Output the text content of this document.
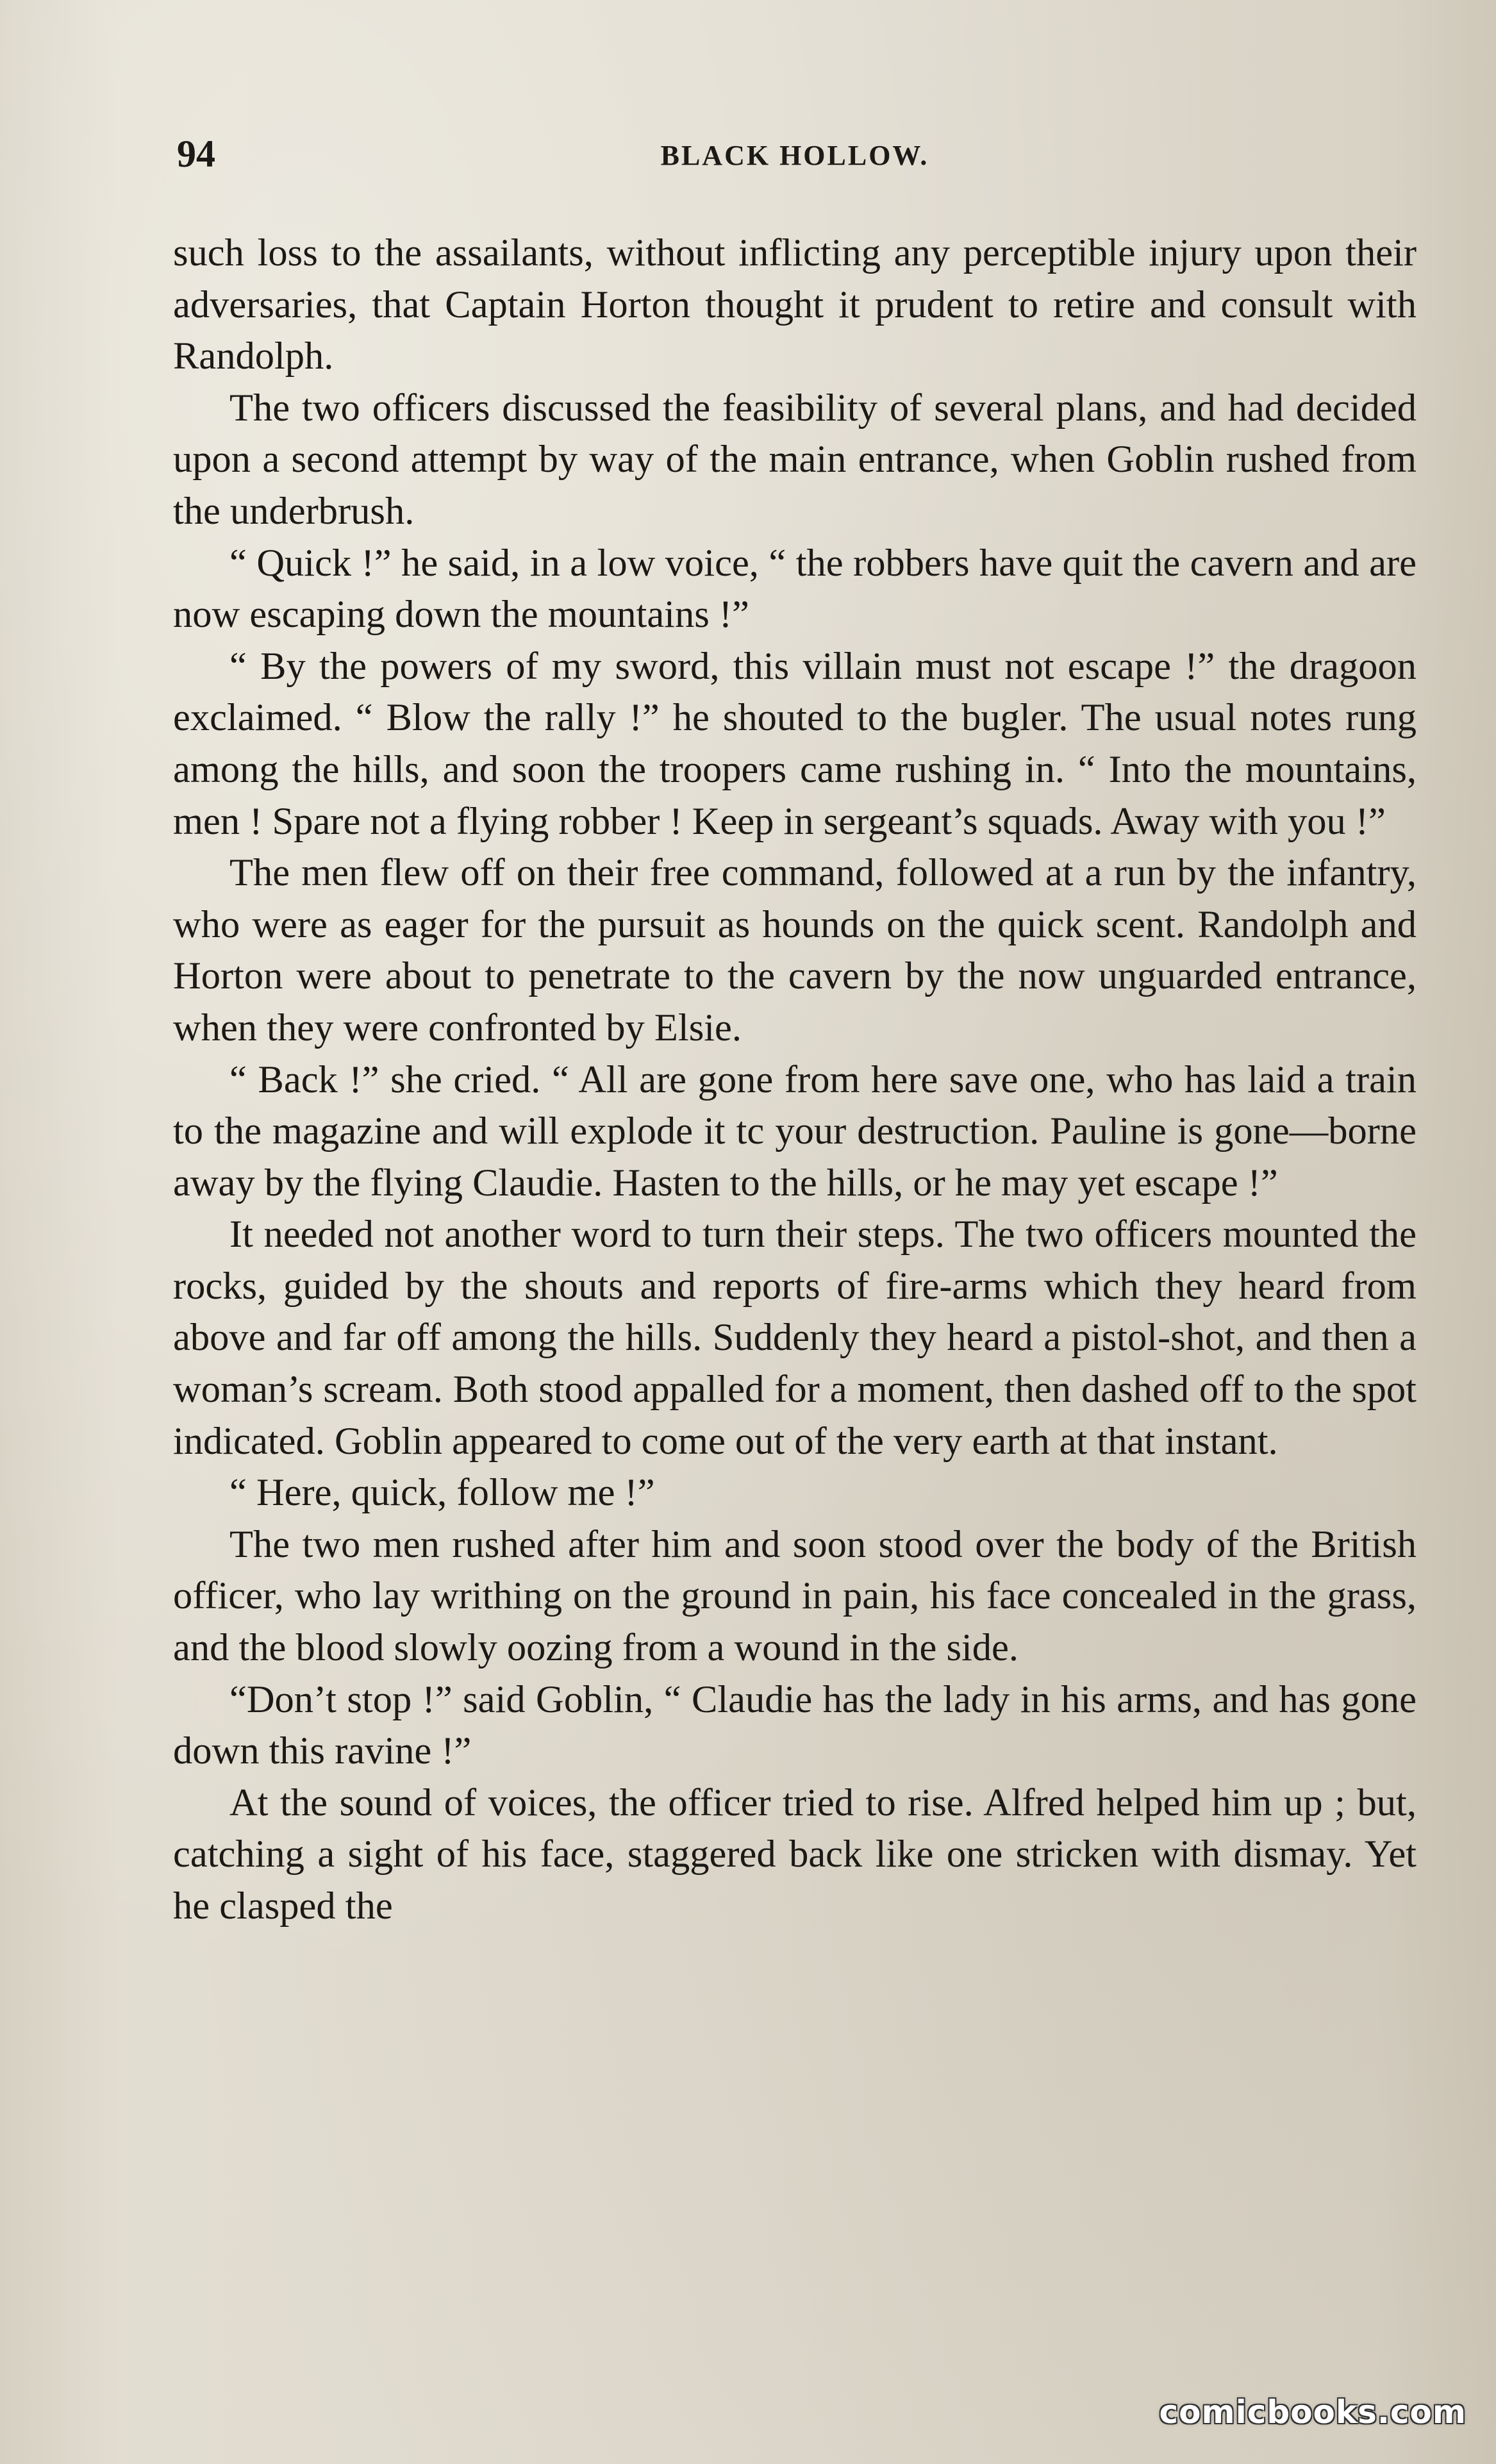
94	BLACK HOLLOW.

such loss to the assailants, without inflicting any perceptible injury upon their adversaries, that Captain Horton thought it prudent to retire and consult with Randolph.

The two officers discussed the feasibility of several plans, and had decided upon a second attempt by way of the main entrance, when Goblin rushed from the underbrush.

“ Quick !” he said, in a low voice, “ the robbers have quit the cavern and are now escaping down the mountains !”

“ By the powers of my sword, this villain must not escape !” the dragoon exclaimed. “ Blow the rally !” he shouted to the bugler. The usual notes rung among the hills, and soon the troopers came rushing in. “ Into the mountains, men ! Spare not a flying robber ! Keep in sergeant’s squads. Away with you !”

The men flew off on their free command, followed at a run by the infantry, who were as eager for the pursuit as hounds on the quick scent. Randolph and Horton were about to penetrate to the cavern by the now unguarded entrance, when they were confronted by Elsie.

“ Back !” she cried. “ All are gone from here save one, who has laid a train to the magazine and will explode it tc your destruction. Pauline is gone—borne away by the flying Claudie. Hasten to the hills, or he may yet escape !”

It needed not another word to turn their steps. The two officers mounted the rocks, guided by the shouts and reports of fire-arms which they heard from above and far off among the hills. Suddenly they heard a pistol-shot, and then a woman’s scream. Both stood appalled for a moment, then dashed off to the spot indicated. Goblin appeared to come out of the very earth at that instant.

“ Here, quick, follow me !”

The two men rushed after him and soon stood over the body of the British officer, who lay writhing on the ground in pain, his face concealed in the grass, and the blood slowly oozing from a wound in the side.

“Don’t stop !” said Goblin, “ Claudie has the lady in his arms, and has gone down this ravine !”

At the sound of voices, the officer tried to rise. Alfred helped him up ; but, catching a sight of his face, staggered back like one stricken with dismay. Yet he clasped the

comicbooks.com
